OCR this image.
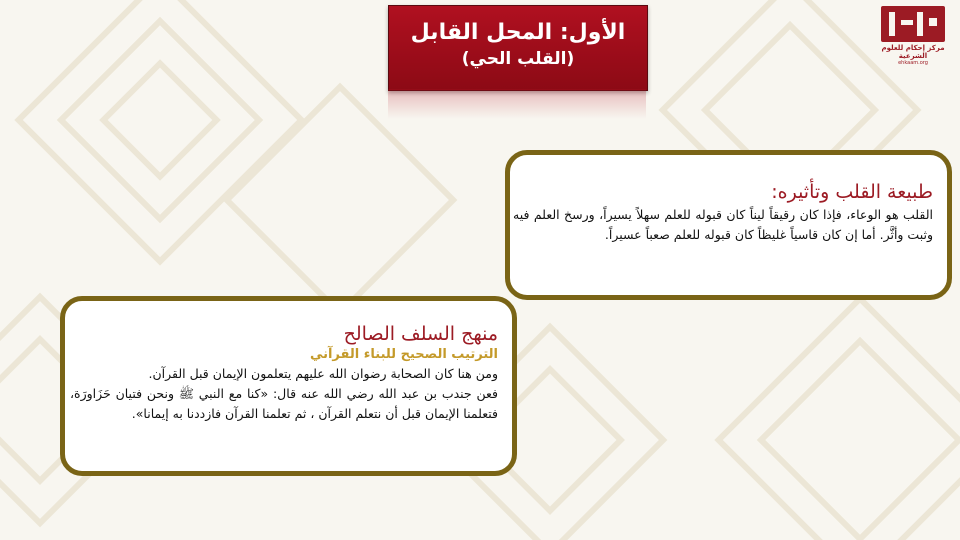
الأول: المحل القابل
(القلب الحي)

مركز إحكام للعلوم الشرعية
ehkaam.org

طبيعة القلب وتأثيره:

القلب هو الوعاء، فإذا كان رقيقاً ليناً كان قبوله للعلم سهلاً يسيراً، ورسخ العلم فيه وثبت وأثَّر. أما إن كان قاسياً غليظاً كان قبوله للعلم صعباً عسيراً.

منهج السلف الصالح

الترتيب الصحيح للبناء القرآني

ومن هنا كان الصحابة رضوان الله عليهم يتعلمون الإيمان قبل القرآن.

فعن جندب بن عبد الله رضي الله عنه قال: «كنا مع النبي ﷺ ونحن فتيان حَزَاورَة، فتعلمنا الإيمان قبل أن نتعلم القرآن ، ثم تعلمنا القرآن فازددنا به إيمانا».
